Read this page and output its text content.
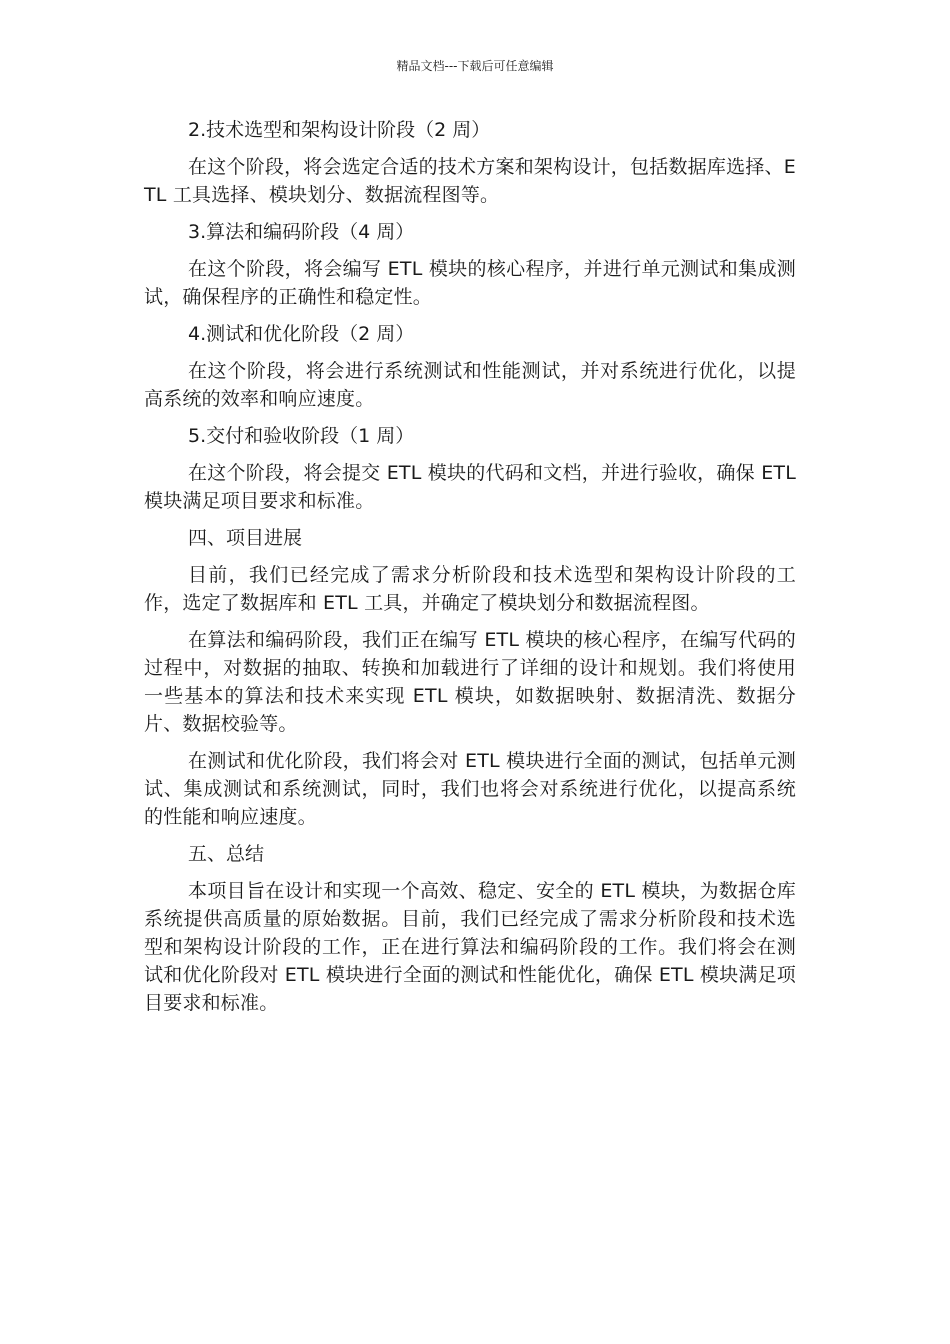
精品文档---下载后可任意编辑

2.技术选型和架构设计阶段（2 周）

在这个阶段，将会选定合适的技术方案和架构设计，包括数据库选择、ETL 工具选择、模块划分、数据流程图等。

3.算法和编码阶段（4 周）

在这个阶段，将会编写 ETL 模块的核心程序，并进行单元测试和集成测试，确保程序的正确性和稳定性。

4.测试和优化阶段（2 周）

在这个阶段，将会进行系统测试和性能测试，并对系统进行优化，以提高系统的效率和响应速度。

5.交付和验收阶段（1 周）

在这个阶段，将会提交 ETL 模块的代码和文档，并进行验收，确保 ETL 模块满足项目要求和标准。

四、项目进展

目前，我们已经完成了需求分析阶段和技术选型和架构设计阶段的工作，选定了数据库和 ETL 工具，并确定了模块划分和数据流程图。

在算法和编码阶段，我们正在编写 ETL 模块的核心程序，在编写代码的过程中，对数据的抽取、转换和加载进行了详细的设计和规划。我们将使用一些基本的算法和技术来实现 ETL 模块，如数据映射、数据清洗、数据分片、数据校验等。

在测试和优化阶段，我们将会对 ETL 模块进行全面的测试，包括单元测试、集成测试和系统测试，同时，我们也将会对系统进行优化，以提高系统的性能和响应速度。

五、总结

本项目旨在设计和实现一个高效、稳定、安全的 ETL 模块，为数据仓库系统提供高质量的原始数据。目前，我们已经完成了需求分析阶段和技术选型和架构设计阶段的工作，正在进行算法和编码阶段的工作。我们将会在测试和优化阶段对 ETL 模块进行全面的测试和性能优化，确保 ETL 模块满足项目要求和标准。
